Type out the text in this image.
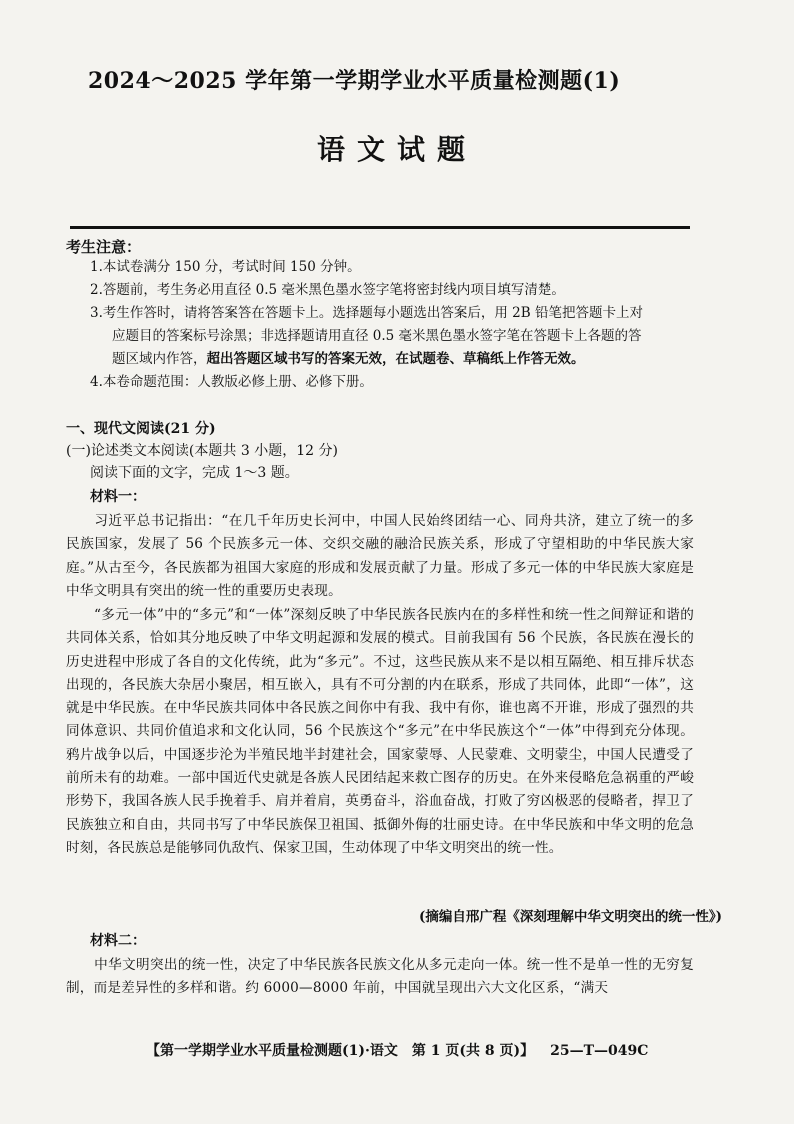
2024～2025 学年第一学期学业水平质量检测题(1)
语文试题
考生注意：

1.本试卷满分 150 分，考试时间 150 分钟。

2.答题前，考生务必用直径 0.5 毫米黑色墨水签字笔将密封线内项目填写清楚。

3.考生作答时，请将答案答在答题卡上。选择题每小题选出答案后，用 2B 铅笔把答题卡上对

应题目的答案标号涂黑；非选择题请用直径 0.5 毫米黑色墨水签字笔在答题卡上各题的答

题区域内作答，超出答题区域书写的答案无效，在试题卷、草稿纸上作答无效。

4.本卷命题范围：人教版必修上册、必修下册。

一、现代文阅读(21 分)
(一)论述类文本阅读(本题共 3 小题，12 分)
阅读下面的文字，完成 1～3 题。
材料一：
习近平总书记指出：“在几千年历史长河中，中国人民始终团结一心、同舟共济，建立了统一的多民族国家，发展了 56 个民族多元一体、交织交融的融洽民族关系，形成了守望相助的中华民族大家庭。”从古至今，各民族都为祖国大家庭的形成和发展贡献了力量。形成了多元一体的中华民族大家庭是中华文明具有突出的统一性的重要历史表现。
“多元一体”中的“多元”和“一体”深刻反映了中华民族各民族内在的多样性和统一性之间辩证和谐的共同体关系，恰如其分地反映了中华文明起源和发展的模式。目前我国有 56 个民族，各民族在漫长的历史进程中形成了各自的文化传统，此为“多元”。不过，这些民族从来不是以相互隔绝、相互排斥状态出现的，各民族大杂居小聚居，相互嵌入，具有不可分割的内在联系，形成了共同体，此即“一体”，这就是中华民族。在中华民族共同体中各民族之间你中有我、我中有你，谁也离不开谁，形成了强烈的共同体意识、共同价值追求和文化认同，56 个民族这个“多元”在中华民族这个“一体”中得到充分体现。鸦片战争以后，中国逐步沦为半殖民地半封建社会，国家蒙辱、人民蒙难、文明蒙尘，中国人民遭受了前所未有的劫难。一部中国近代史就是各族人民团结起来救亡图存的历史。在外来侵略危急祸重的严峻形势下，我国各族人民手挽着手、肩并着肩，英勇奋斗，浴血奋战，打败了穷凶极恶的侵略者，捍卫了民族独立和自由，共同书写了中华民族保卫祖国、抵御外侮的壮丽史诗。在中华民族和中华文明的危急时刻，各民族总是能够同仇敌忾、保家卫国，生动体现了中华文明突出的统一性。
(摘编自邢广程《深刻理解中华文明突出的统一性》)
材料二：
中华文明突出的统一性，决定了中华民族各民族文化从多元走向一体。统一性不是单一性的无穷复制，而是差异性的多样和谐。约 6000—8000 年前，中国就呈现出六大文化区系，“满天
【第一学期学业水平质量检测题(1)·语文　第 1 页(共 8 页)】 25—T—049C
